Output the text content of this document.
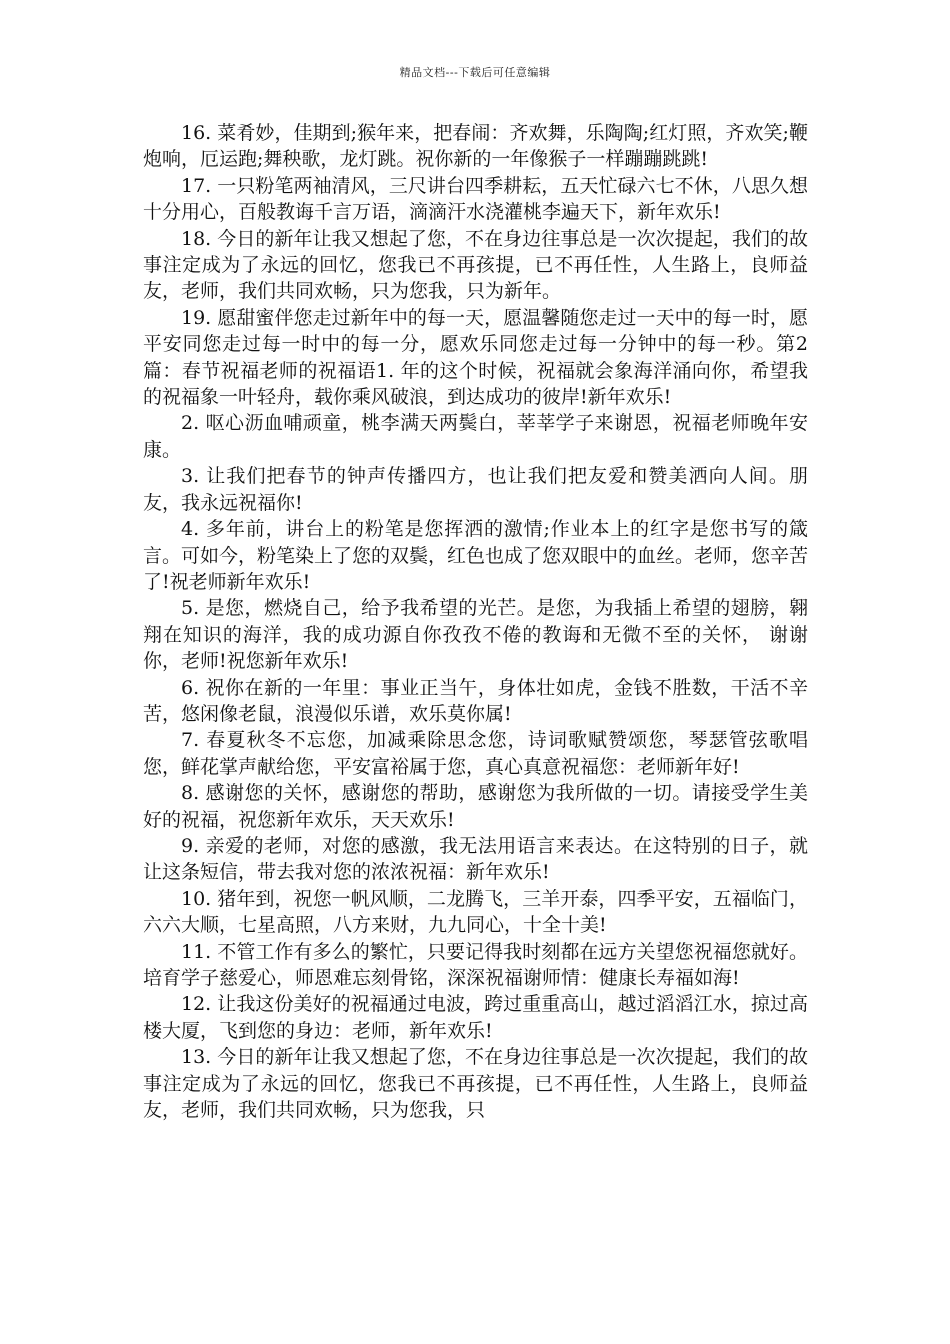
精品文档---下载后可任意编辑

16. 菜肴妙，佳期到;猴年来，把春闹：齐欢舞，乐陶陶;红灯照，齐欢笑;鞭炮响，厄运跑;舞秧歌，龙灯跳。祝你新的一年像猴子一样蹦蹦跳跳!

17. 一只粉笔两袖清风，三尺讲台四季耕耘，五天忙碌六七不休，八思久想十分用心，百般教诲千言万语，滴滴汗水浇灌桃李遍天下，新年欢乐!

18. 今日的新年让我又想起了您，不在身边往事总是一次次提起，我们的故事注定成为了永远的回忆，您我已不再孩提，已不再任性，人生路上，良师益友，老师，我们共同欢畅，只为您我，只为新年。

19. 愿甜蜜伴您走过新年中的每一天，愿温馨随您走过一天中的每一时，愿平安同您走过每一时中的每一分，愿欢乐同您走过每一分钟中的每一秒。第2篇：春节祝福老师的祝福语1. 年的这个时候，祝福就会象海洋涌向你，希望我的祝福象一叶轻舟，载你乘风破浪，到达成功的彼岸!新年欢乐!

2. 呕心沥血哺顽童，桃李满天两鬓白，莘莘学子来谢恩，祝福老师晚年安康。

3. 让我们把春节的钟声传播四方，也让我们把友爱和赞美洒向人间。朋友，我永远祝福你!

4. 多年前，讲台上的粉笔是您挥洒的激情;作业本上的红字是您书写的箴言。可如今，粉笔染上了您的双鬓，红色也成了您双眼中的血丝。老师，您辛苦了!祝老师新年欢乐!

5. 是您，燃烧自己，给予我希望的光芒。是您，为我插上希望的翅膀，翱翔在知识的海洋，我的成功源自你孜孜不倦的教诲和无微不至的关怀， 谢谢你，老师!祝您新年欢乐!

6. 祝你在新的一年里：事业正当午，身体壮如虎，金钱不胜数，干活不辛苦，悠闲像老鼠，浪漫似乐谱，欢乐莫你属!

7. 春夏秋冬不忘您，加减乘除思念您，诗词歌赋赞颂您，琴瑟管弦歌唱您，鲜花掌声献给您，平安富裕属于您，真心真意祝福您：老师新年好!

8. 感谢您的关怀，感谢您的帮助，感谢您为我所做的一切。请接受学生美好的祝福，祝您新年欢乐，天天欢乐!

9. 亲爱的老师，对您的感激，我无法用语言来表达。在这特别的日子，就让这条短信，带去我对您的浓浓祝福：新年欢乐!

10. 猪年到，祝您一帆风顺，二龙腾飞，三羊开泰，四季平安，五福临门，六六大顺，七星高照，八方来财，九九同心，十全十美!

11. 不管工作有多么的繁忙，只要记得我时刻都在远方关望您祝福您就好。培育学子慈爱心，师恩难忘刻骨铭，深深祝福谢师情：健康长寿福如海!

12. 让我这份美好的祝福通过电波，跨过重重高山，越过滔滔江水，掠过高楼大厦，飞到您的身边：老师，新年欢乐!

13. 今日的新年让我又想起了您，不在身边往事总是一次次提起，我们的故事注定成为了永远的回忆，您我已不再孩提，已不再任性，人生路上，良师益友，老师，我们共同欢畅，只为您我，只
